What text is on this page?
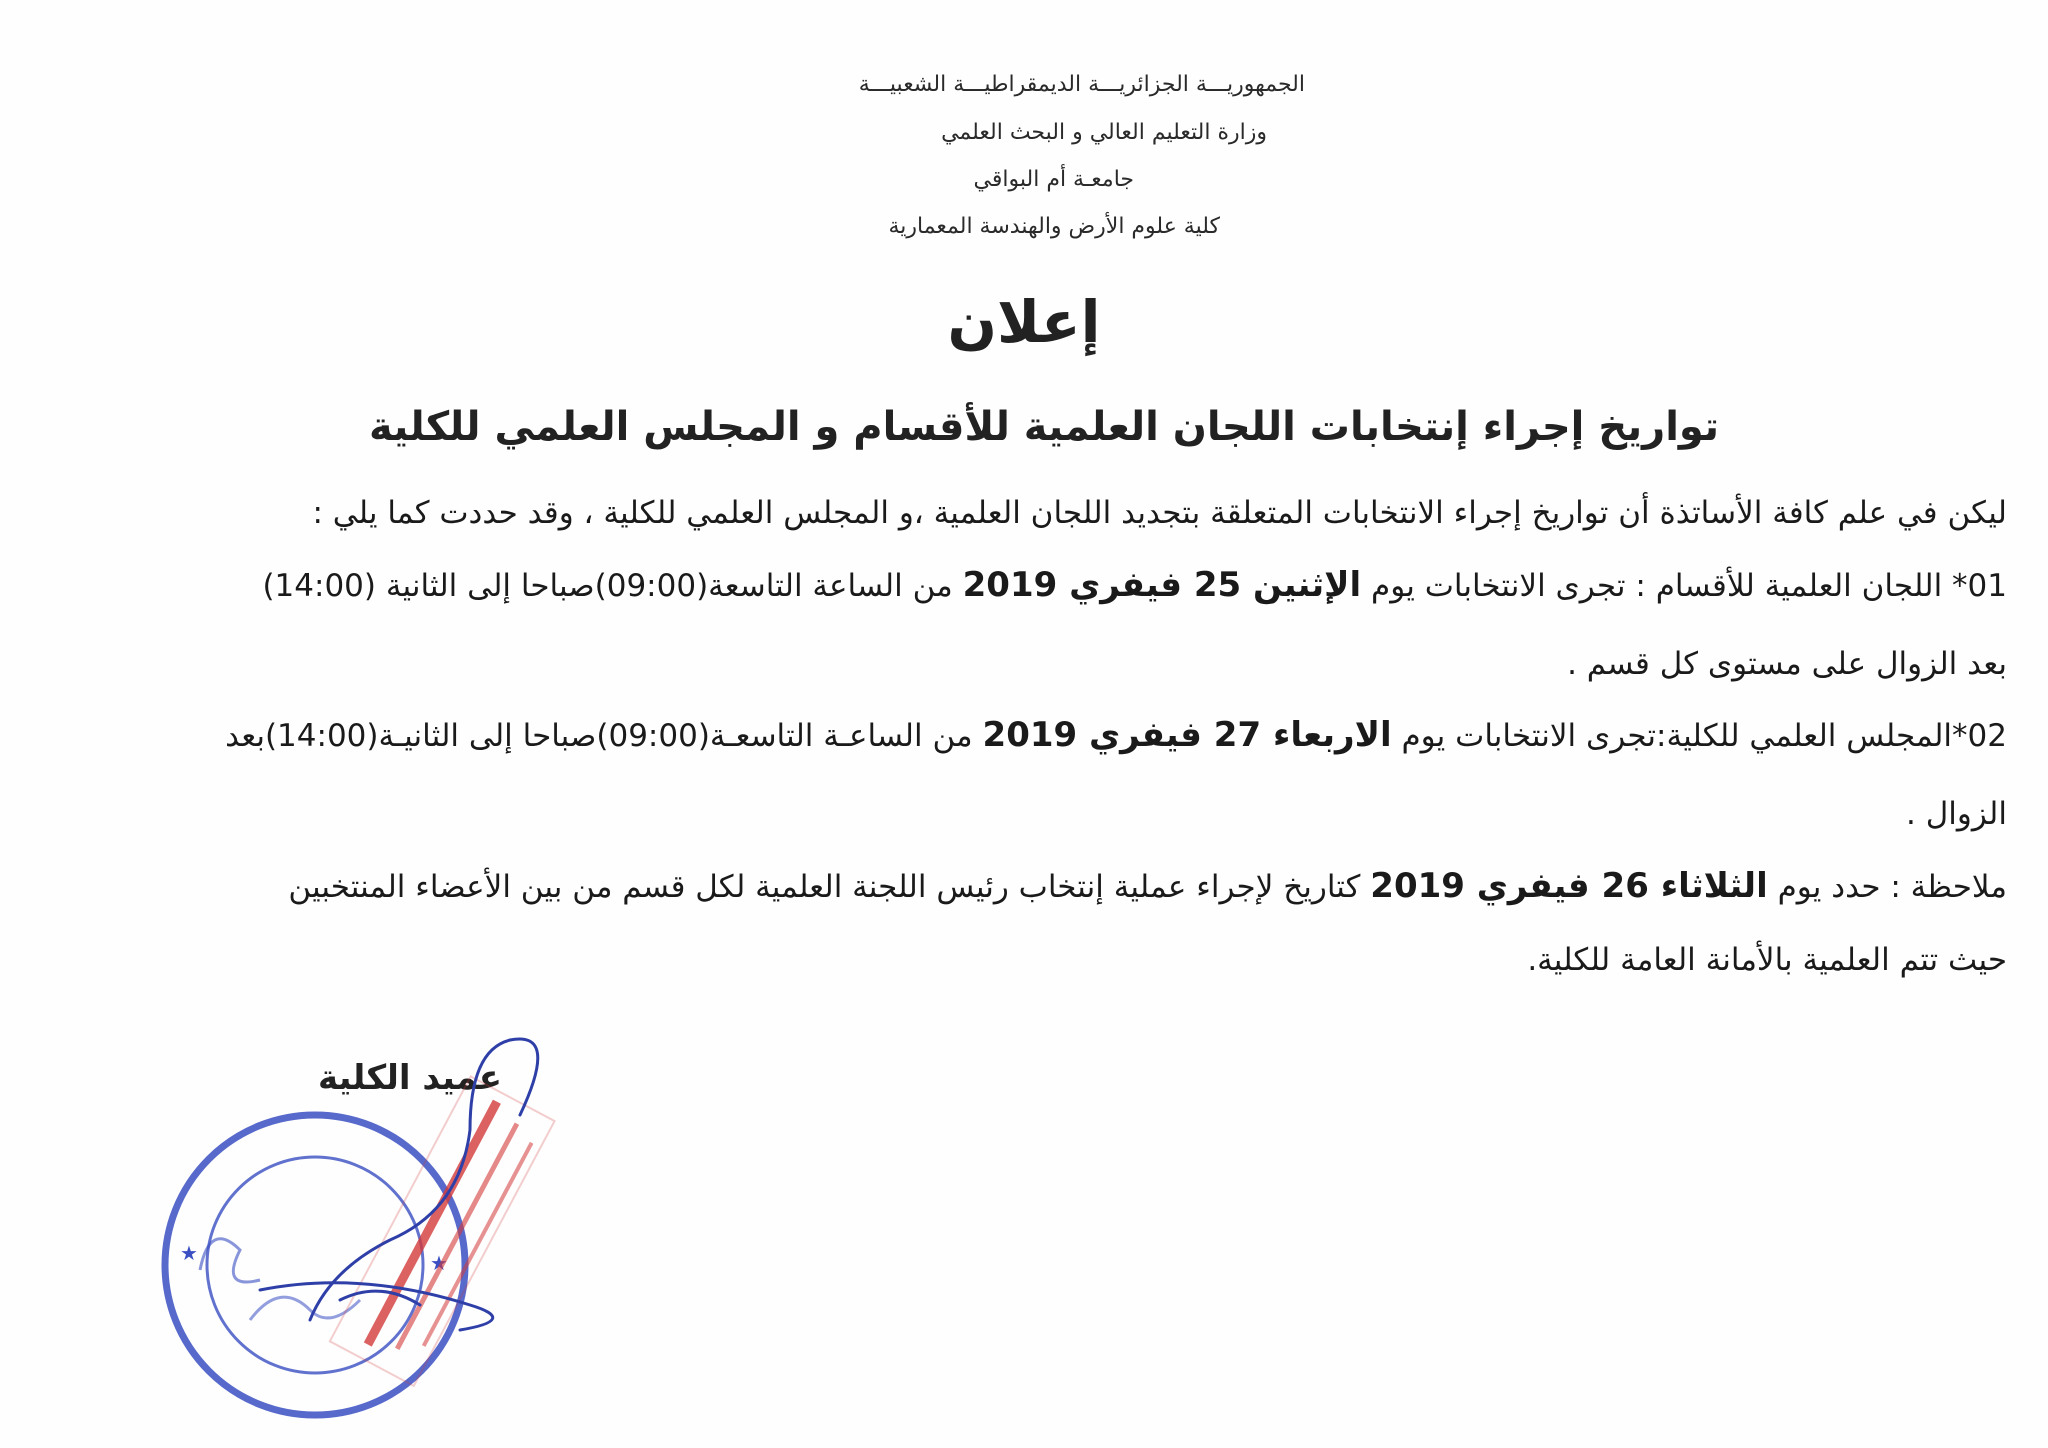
الجمهوريـــة الجزائريـــة الديمقراطيـــة الشعبيـــة
وزارة التعليم العالي و البحث العلمي
جامعـة أم البواقي
كلية علوم الأرض والهندسة المعمارية
إعلان
تواريخ إجراء إنتخابات اللجان العلمية للأقسام و المجلس العلمي للكلية
ليكن في علم كافة الأساتذة أن تواريخ إجراء الانتخابات المتعلقة بتجديد اللجان العلمية ،و المجلس العلمي للكلية ، وقد حددت كما يلي :
01* اللجان العلمية للأقسام : تجرى الانتخابات يوم الإثنين 25 فيفري 2019 من الساعة التاسعة(09:00)صباحا إلى الثانية (14:00)
بعد الزوال على مستوى كل قسم .
02*المجلس العلمي للكلية:تجرى الانتخابات يوم الاربعاء 27 فيفري 2019 من الساعـة التاسعـة(09:00)صباحا إلى الثانيـة(14:00)بعد
الزوال .
ملاحظة : حدد يوم الثلاثاء 26 فيفري 2019 كتاريخ لإجراء عملية إنتخاب رئيس اللجنة العلمية لكل قسم من بين الأعضاء المنتخبين
حيث تتم العلمية بالأمانة العامة للكلية.
عميد الكلية
★	★
